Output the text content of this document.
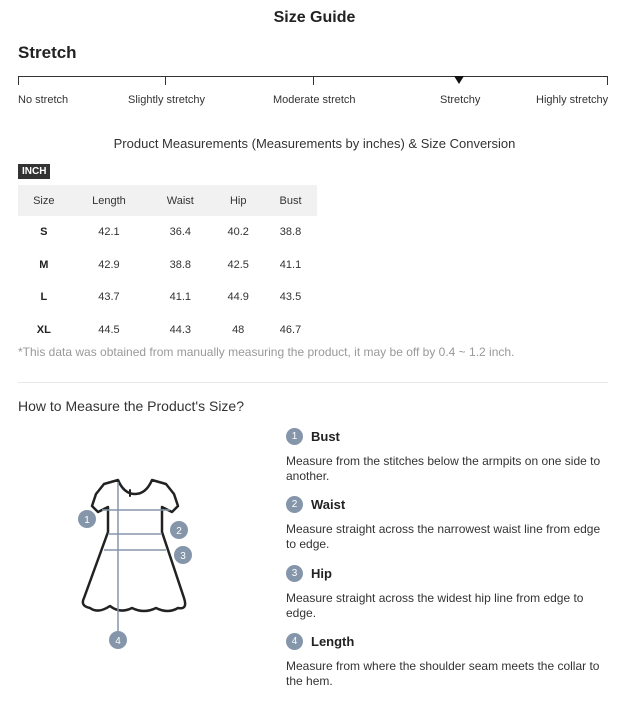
Size Guide
Stretch
No stretch	Slightly stretchy	Moderate stretch	Stretchy	Highly stretchy
Product Measurements (Measurements by inches) & Size Conversion
INCH
Size	Length	Waist	Hip	Bust
S	42.1	36.4	40.2	38.8
M	42.9	38.8	42.5	41.1
L	43.7	41.1	44.9	43.5
XL	44.5	44.3	48	46.7
*This data was obtained from manually measuring the product, it may be off by 0.4 ~ 1.2 inch.
How to Measure the Product's Size?
1
2
3
4
1	Bust
Measure from the stitches below the armpits on one side to another.
2	Waist
Measure straight across the narrowest waist line from edge to edge.
3	Hip
Measure straight across the widest hip line from edge to edge.
4	Length
Measure from where the shoulder seam meets the collar to the hem.
